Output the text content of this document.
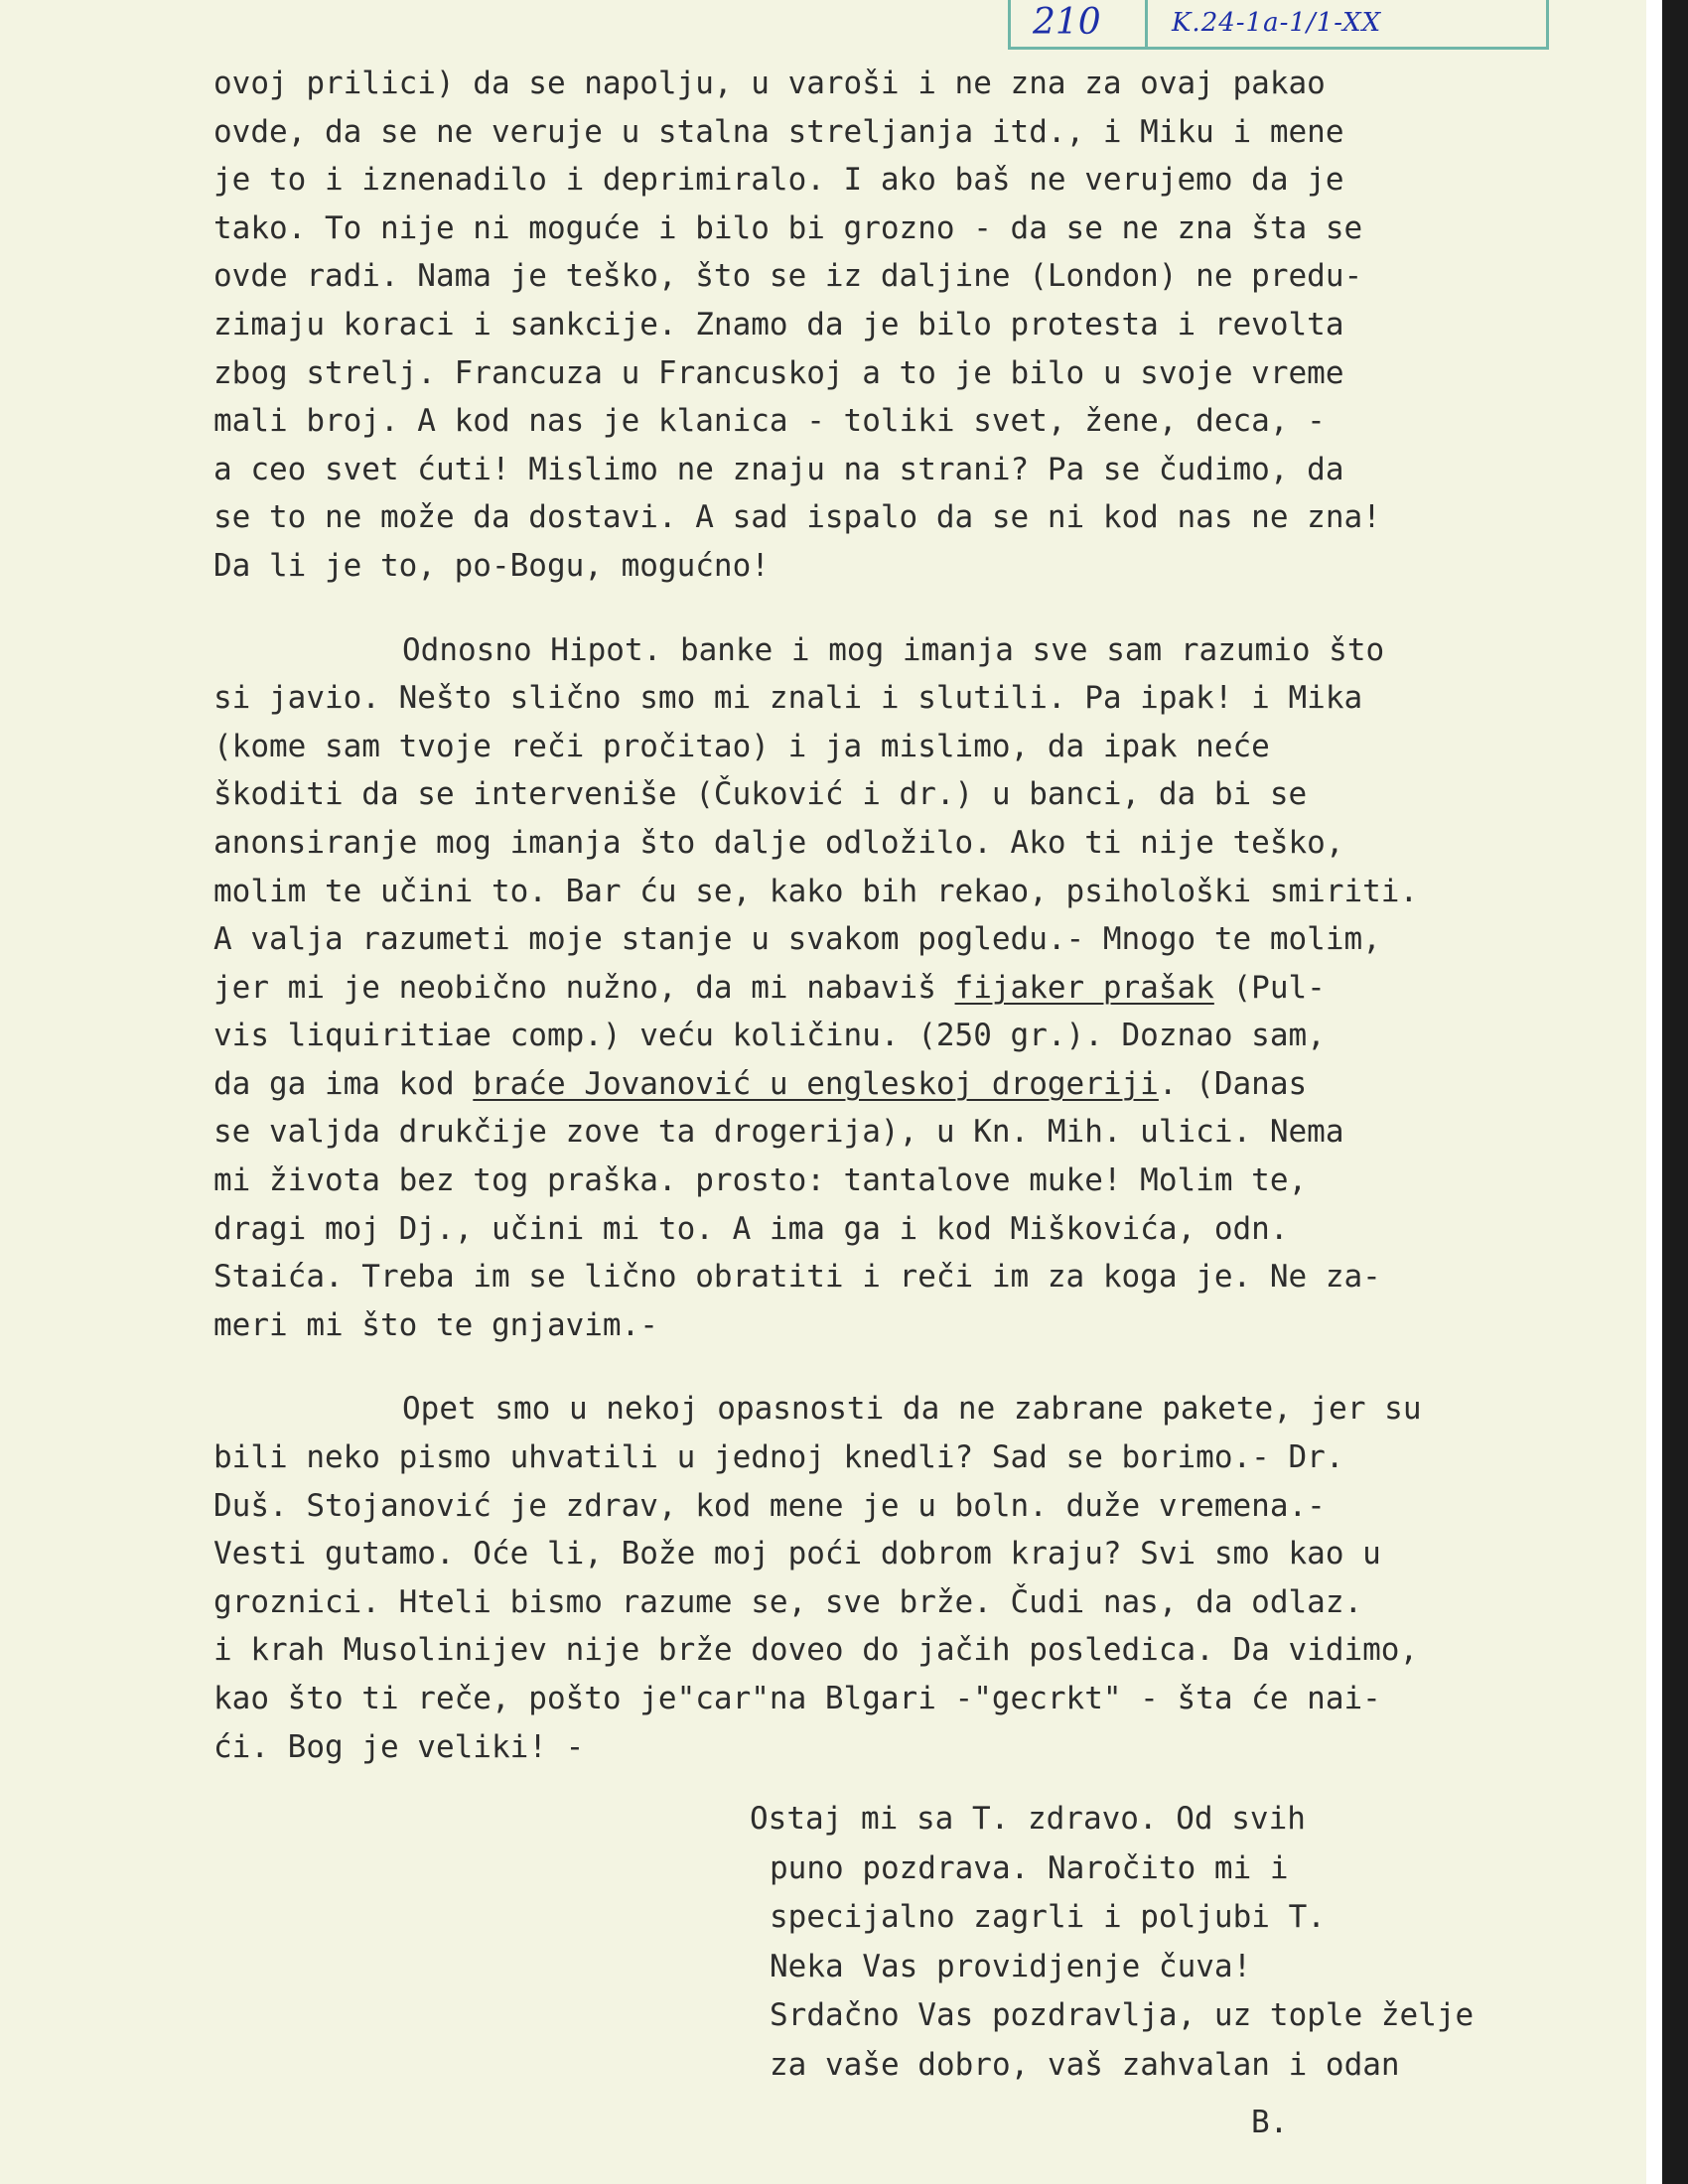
210	K.24-1a-1/1-XX
ovoj prilici) da se napolju, u varoši i ne zna za ovaj pakao
ovde, da se ne veruje u stalna streljanja itd., i Miku i mene
je to i iznenadilo i deprimiralo. I ako baš ne verujemo da je
tako. To nije ni moguće i bilo bi grozno - da se ne zna šta se
ovde radi. Nama je teško, što se iz daljine (London) ne predu-
zimaju koraci i sankcije. Znamo da je bilo protesta i revolta
zbog strelj. Francuza u Francuskoj a to je bilo u svoje vreme
mali broj. A kod nas je klanica - toliki svet, žene, deca, -
a ceo svet ćuti! Mislimo ne znaju na strani? Pa se čudimo, da
se to ne može da dostavi. A sad ispalo da se ni kod nas ne zna!
Da li je to, po-Bogu, mogućno!
Odnosno Hipot. banke i mog imanja sve sam razumio što
si javio. Nešto slično smo mi znali i slutili. Pa ipak! i Mika
(kome sam tvoje reči pročitao) i ja mislimo, da ipak neće
škoditi da se interveniše (Čuković i dr.) u banci, da bi se
anonsiranje mog imanja što dalje odložilo. Ako ti nije teško,
molim te učini to. Bar ću se, kako bih rekao, psihološki smiriti.
A valja razumeti moje stanje u svakom pogledu.- Mnogo te molim,
jer mi je neobično nužno, da mi nabaviš fijaker prašak (Pul-
vis liquiritiae comp.) veću količinu. (250 gr.). Doznao sam,
da ga ima kod braće Jovanović u engleskoj drogeriji. (Danas
se valjda drukčije zove ta drogerija), u Kn. Mih. ulici. Nema
mi života bez tog praška. prosto: tantalove muke! Molim te,
dragi moj Dj., učini mi to. A ima ga i kod Miškovića, odn.
Staića. Treba im se lično obratiti i reči im za koga je. Ne za-
meri mi što te gnjavim.-
Opet smo u nekoj opasnosti da ne zabrane pakete, jer su
bili neko pismo uhvatili u jednoj knedli? Sad se borimo.- Dr.
Duš. Stojanović je zdrav, kod mene je u boln. duže vremena.-
Vesti gutamo. Oće li, Bože moj poći dobrom kraju? Svi smo kao u
groznici. Hteli bismo razume se, sve brže. Čudi nas, da odlaz.
i krah Musolinijev nije brže doveo do jačih posledica. Da vidimo,
kao što ti reče, pošto je"car"na Blgari -"gecrkt" - šta će nai-
ći. Bog je veliki! -
Ostaj mi sa T. zdravo. Od svih
puno pozdrava. Naročito mi i
specijalno zagrli i poljubi T.
Neka Vas providjenje čuva!
Srdačno Vas pozdravlja, uz tople želje
za vaše dobro, vaš zahvalan i odan
B.
